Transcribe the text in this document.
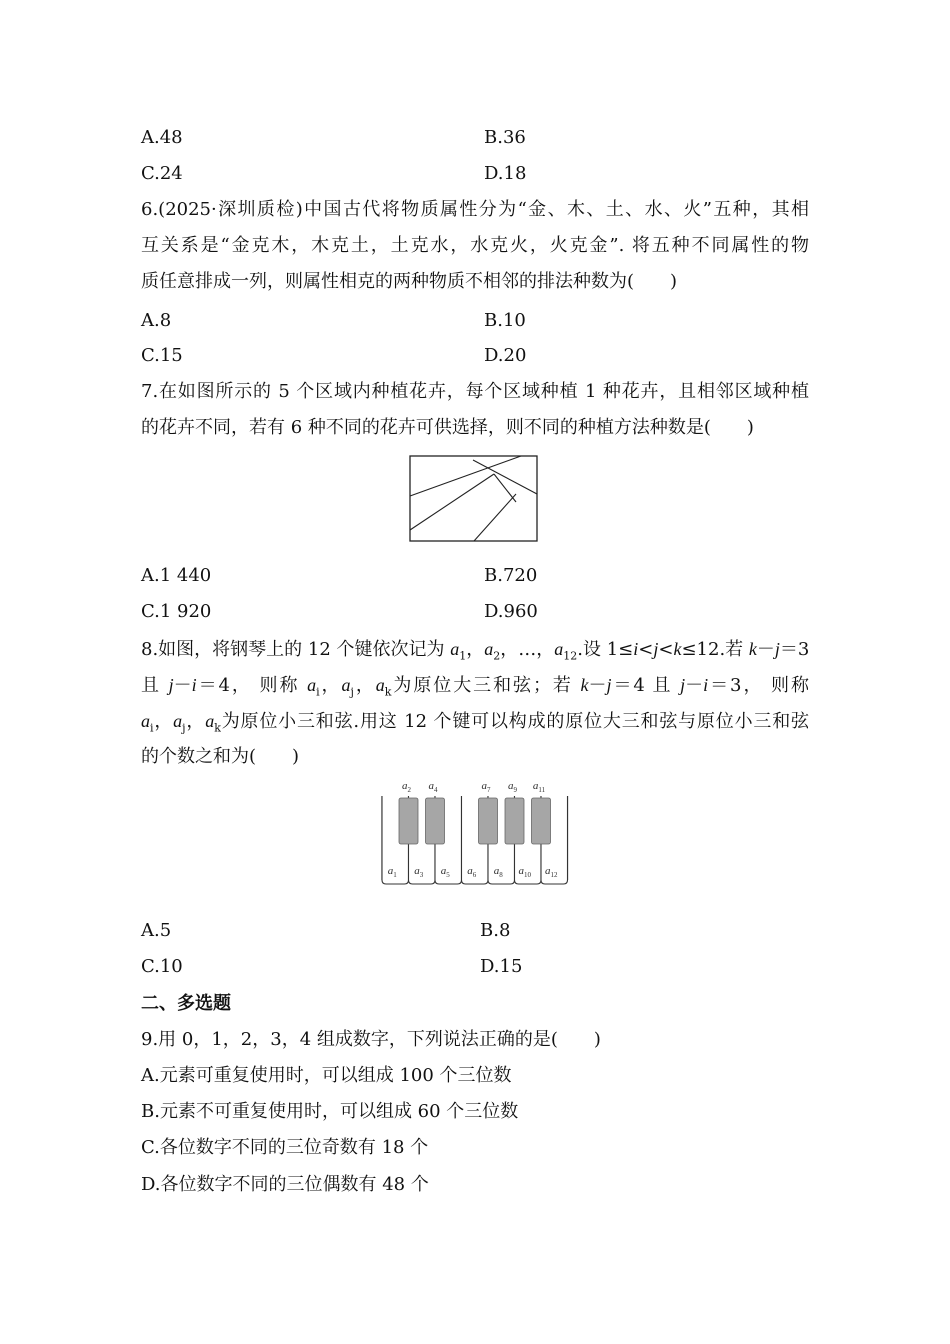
A.48	B.36
C.24	D.18
6.(2025·深圳质检)中国古代将物质属性分为“金、木、土、水、火”五种，其相
互关系是“金克木，木克土，土克水，水克火，火克金”. 将五种不同属性的物
质任意排成一列，则属性相克的两种物质不相邻的排法种数为(　　)
A.8	B.10
C.15	D.20
7.在如图所示的 5 个区域内种植花卉，每个区域种植 1 种花卉，且相邻区域种植
的花卉不同，若有 6 种不同的花卉可供选择，则不同的种植方法种数是(　　)
A.1 440	B.720
C.1 920	D.960
8.如图，将钢琴上的 12 个键依次记为 $a_1$，$a_2$，…，$a_{12}$.设 1≤i<j<k≤12.若 k－j＝3
且 j－i＝4， 则称 $a_i$，$a_j$，$a_k$为原位大三和弦；若 k－j＝4 且 j－i＝3， 则称
$a_i$，$a_j$，$a_k$为原位小三和弦.用这 12 个键可以构成的原位大三和弦与原位小三和弦
的个数之和为(　　)
$a_1$ $a_3$ $a_5$ $a_6$ $a_8$ $a_{10}$ $a_{12}$
$a_2$ $a_4$	$a_7$ $a_9$ $a_{11}$
A.5	B.8
C.10	D.15
二、多选题
9.用 0，1，2，3，4 组成数字，下列说法正确的是(　　)
A.元素可重复使用时，可以组成 100 个三位数
B.元素不可重复使用时，可以组成 60 个三位数
C.各位数字不同的三位奇数有 18 个
D.各位数字不同的三位偶数有 48 个
